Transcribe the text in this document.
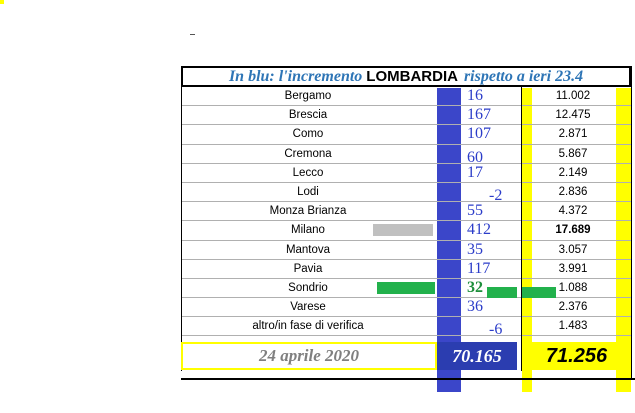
In blu: l'incremento LOMBARDIA rispetto a ieri 23.4
Bergamo	16	11.002
Brescia	167	12.475
Como	107	2.871
Cremona	60	5.867
Lecco	17	2.149
Lodi	-2	2.836
Monza Brianza	55	4.372
Milano	412	17.689
Mantova	35	3.057
Pavia	117	3.991
Sondrio	32	1.088
Varese	36	2.376
altro/in fase di verifica	-6	1.483
24 aprile 2020	70.165	71.256
